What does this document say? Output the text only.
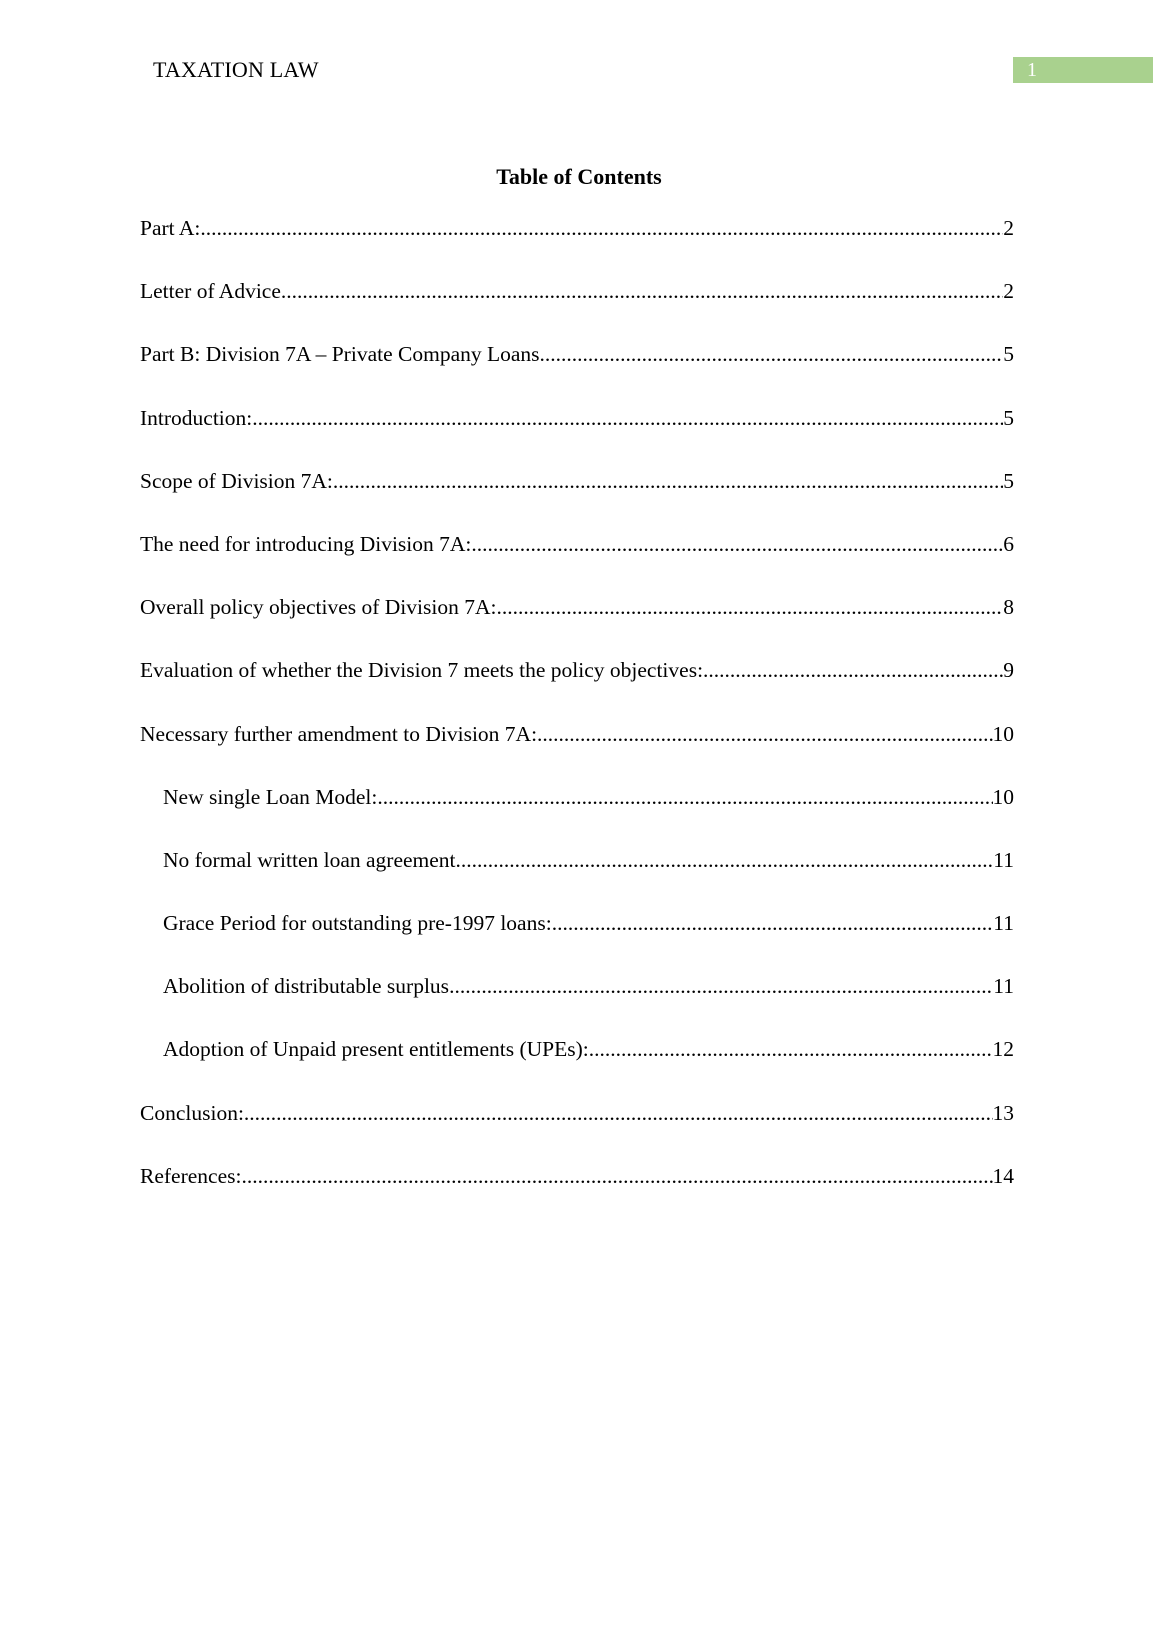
TAXATION LAW	1
Table of Contents
Part A: .....	2
Letter of Advice .....	2
Part B: Division 7A – Private Company Loans .....	5
Introduction: .....	5
Scope of Division 7A: .....	5
The need for introducing Division 7A: .....	6
Overall policy objectives of Division 7A: .....	8
Evaluation of whether the Division 7 meets the policy objectives: .....	9
Necessary further amendment to Division 7A: .....	10
New single Loan Model: .....	10
No formal written loan agreement .....	11
Grace Period for outstanding pre-1997 loans: .....	11
Abolition of distributable surplus .....	11
Adoption of Unpaid present entitlements (UPEs): .....	12
Conclusion: .....	13
References: .....	14
